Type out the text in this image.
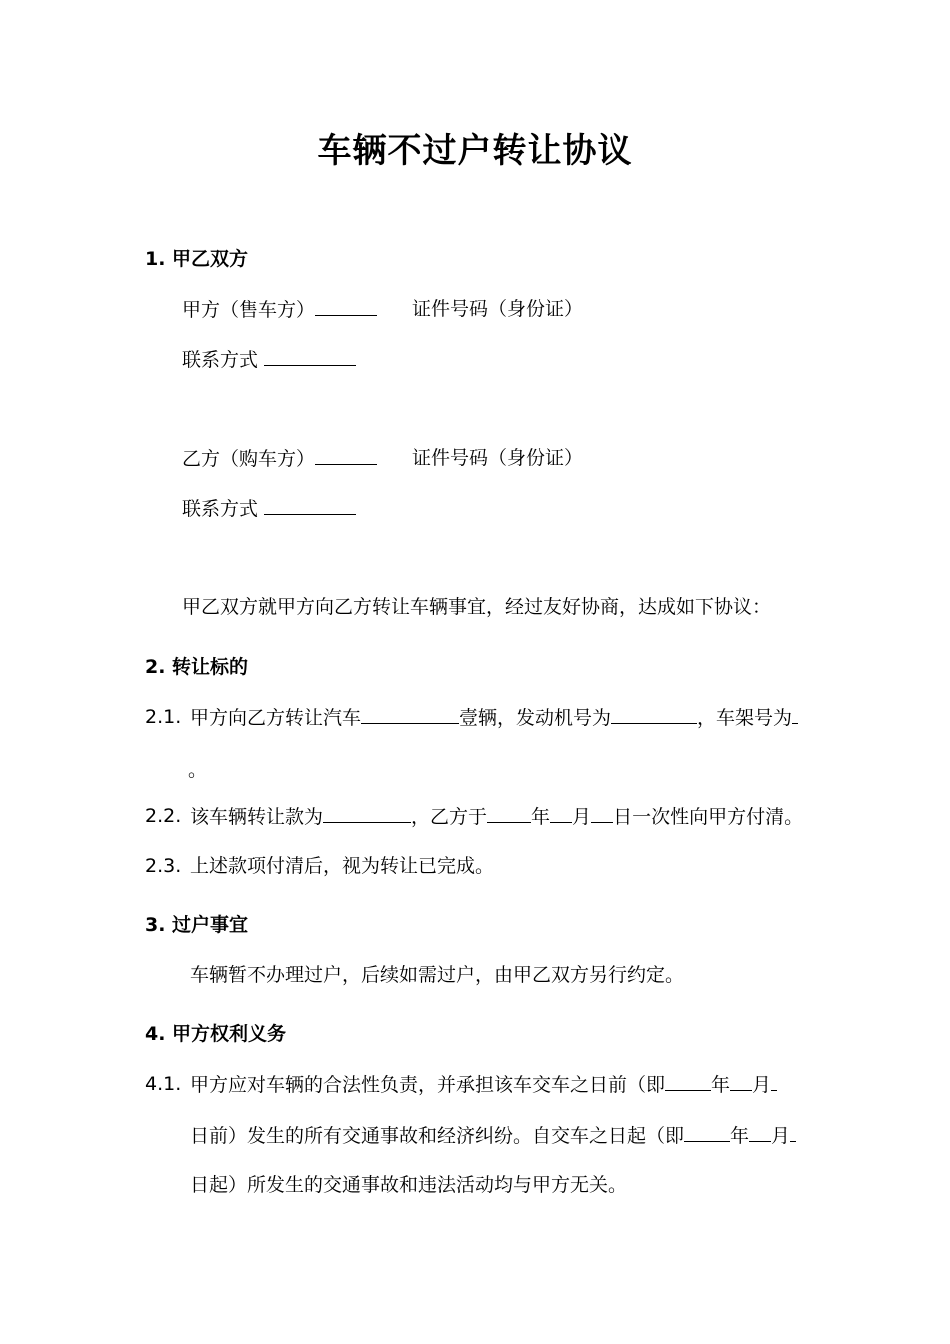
车辆不过户转让协议
1. 甲乙双方
甲方（售车方）	证件号码（身份证）
联系方式
乙方（购车方）	证件号码（身份证）
联系方式
甲乙双方就甲方向乙方转让车辆事宜，经过友好协商，达成如下协议：
2. 转让标的
2.1. 甲方向乙方转让汽车	壹辆，发动机号为	，车架号为
。
2.2. 该车辆转让款为	，乙方于 年 月 日一次性向甲方付清。
2.3. 上述款项付清后，视为转让已完成。
3. 过户事宜
车辆暂不办理过户，后续如需过户，由甲乙双方另行约定。
4. 甲方权利义务
4.1. 甲方应对车辆的合法性负责，并承担该车交车之日前（即 年 月
日前）发生的所有交通事故和经济纠纷。自交车之日起（即 年 月
日起）所发生的交通事故和违法活动均与甲方无关。
